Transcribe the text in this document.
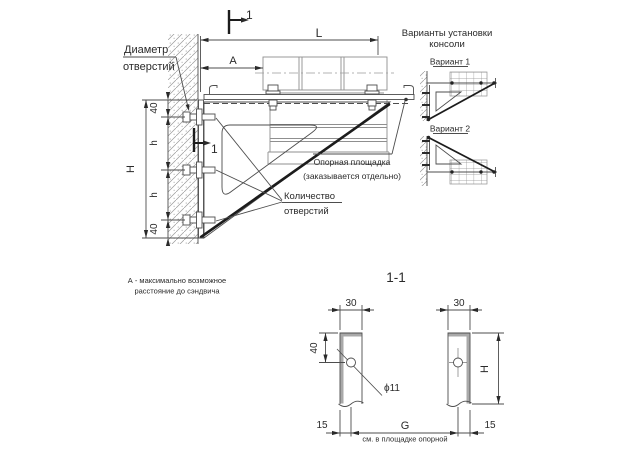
L
A
1
1
40
h
h
40
H
Диаметр
отверстий
Количество
отверстий
Опорная площадка
(заказывается отдельно)
А - максимально возможное
расстояние до сэндвича
Варианты установки
консоли
Вариант 1
Вариант 2
1-1
ϕ11
30	30
40
H
15	G	15
см. в площадке опорной
